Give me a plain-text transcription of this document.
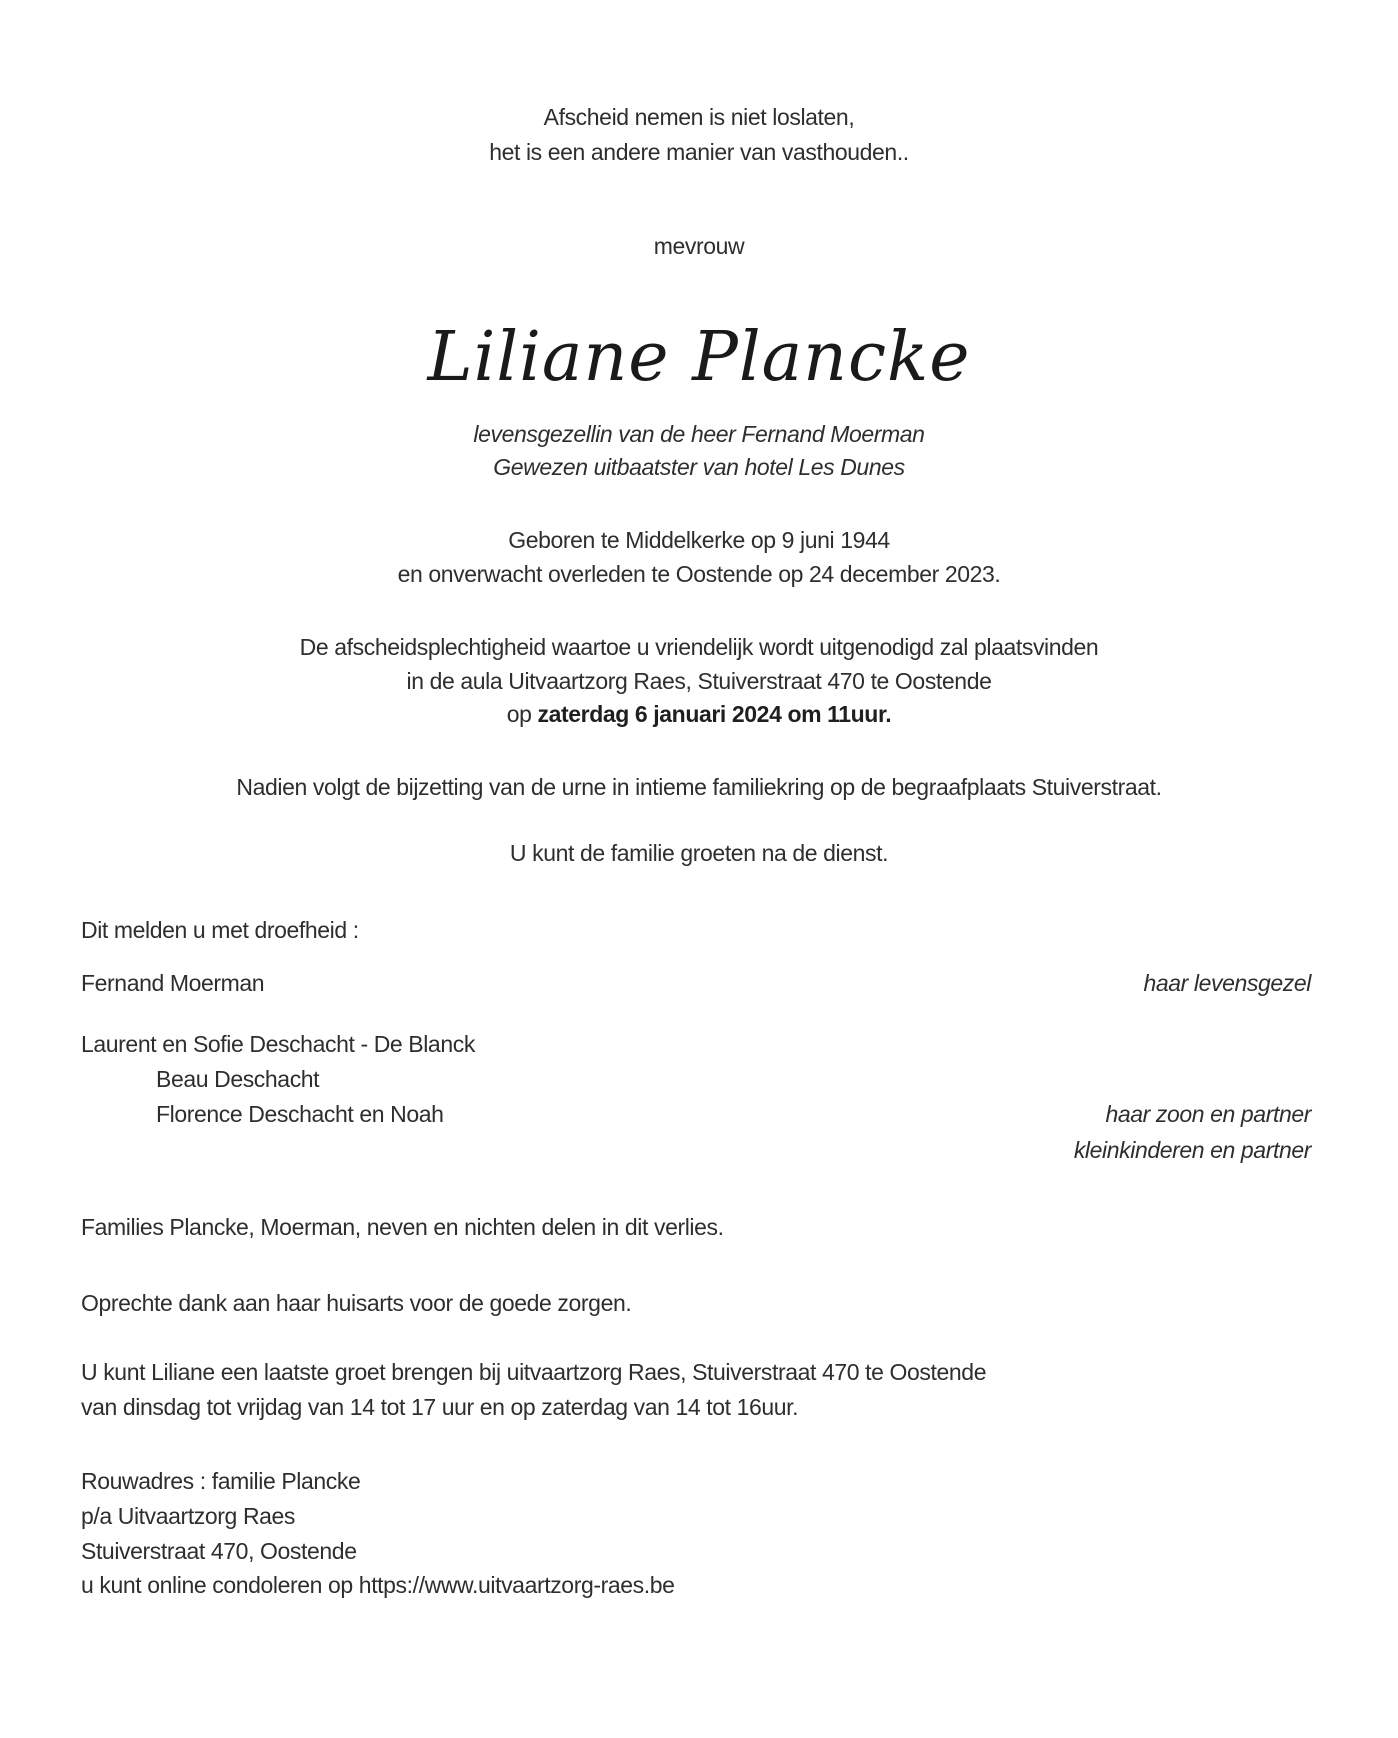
Afscheid nemen is niet loslaten,
het is een andere manier van vasthouden..
mevrouw
Liliane Plancke
levensgezellin van de heer Fernand Moerman
Gewezen uitbaatster van hotel Les Dunes
Geboren te Middelkerke op 9 juni 1944
en onverwacht overleden te Oostende op 24 december 2023.
De afscheidsplechtigheid waartoe u vriendelijk wordt uitgenodigd zal plaatsvinden
in de aula Uitvaartzorg Raes, Stuiverstraat 470 te Oostende
op zaterdag 6 januari 2024 om 11uur.
Nadien volgt de bijzetting van de urne in intieme familiekring op de begraafplaats Stuiverstraat.
U kunt de familie groeten na de dienst.
Dit melden u met droefheid :
Fernand Moerman	haar levensgezel
Laurent en Sofie Deschacht - De Blanck
Beau Deschacht
Florence Deschacht en Noah	haar zoon en partner
kleinkinderen en partner
Families Plancke, Moerman, neven en nichten delen in dit verlies.
Oprechte dank aan haar huisarts voor de goede zorgen.
U kunt Liliane een laatste groet brengen bij uitvaartzorg Raes, Stuiverstraat 470 te Oostende
van dinsdag tot vrijdag van 14 tot 17 uur en op zaterdag van 14 tot 16uur.
Rouwadres : familie Plancke
p/a Uitvaartzorg Raes
Stuiverstraat 470, Oostende
u kunt online condoleren op https://www.uitvaartzorg-raes.be
